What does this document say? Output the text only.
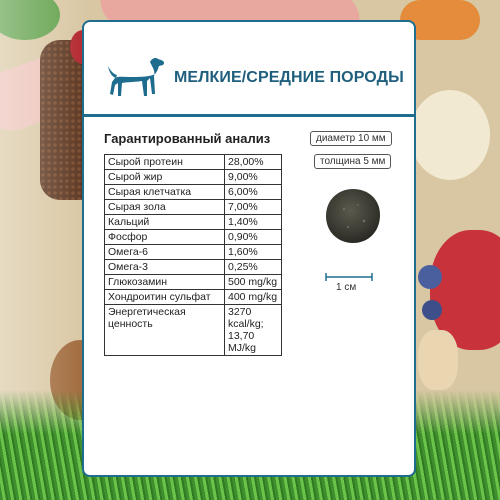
МЕЛКИЕ/СРЕДНИЕ ПОРОДЫ
Гарантированный анализ
Сырой протеин	28,00%
Сырой жир	9,00%
Сырая клетчатка	6,00%
Сырая зола	7,00%
Кальций	1,40%
Фосфор	0,90%
Омега-6	1,60%
Омега-3	0,25%
Глюкозамин	500 mg/kg
Хондроитин сульфат	400 mg/kg
Энергетическая
ценность	3270 kcal/kg;
13,70 MJ/kg
диаметр 10 мм
толщина 5 мм
1 см
